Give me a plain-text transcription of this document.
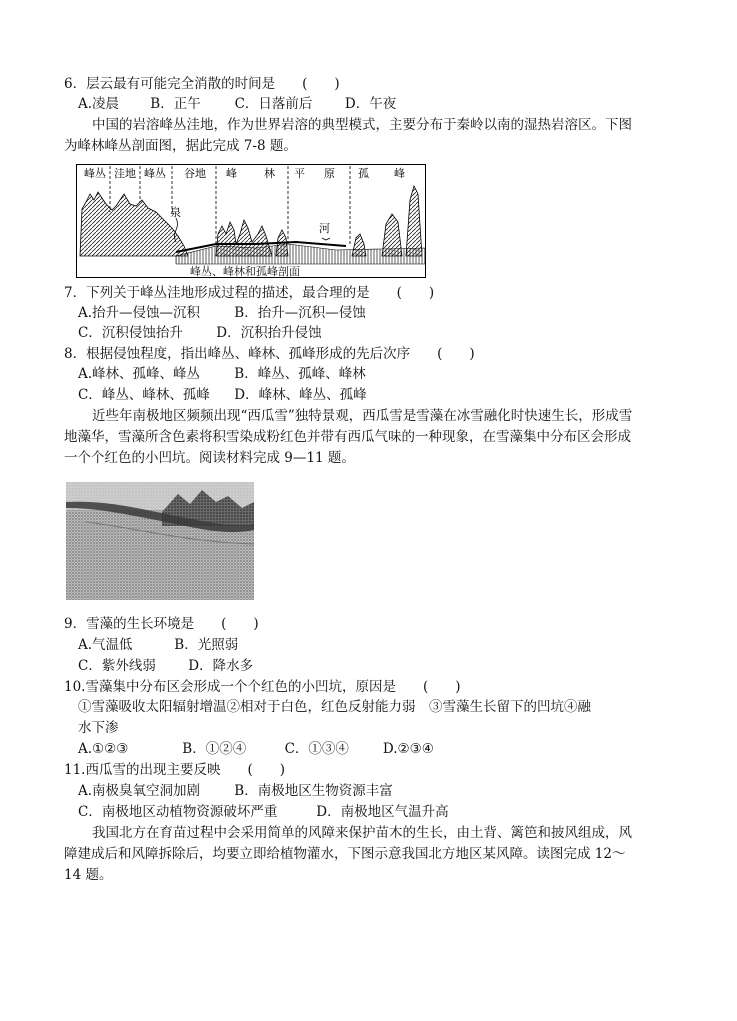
6．层云最有可能完全消散的时间是　　(　　)
A.凌晨 B．正午	C．日落前后 D．午夜
中国的岩溶峰丛洼地，作为世界岩溶的典型模式，主要分布于秦岭以南的湿热岩溶区。下图
为峰林峰丛剖面图，据此完成 7-8 题。
峰丛 洼地 峰丛 谷地 峰 林 平 原 孤 峰
泉
河
峰丛、峰林和孤峰剖面
7．下列关于峰丛洼地形成过程的描述，最合理的是　　(　　)
A.抬升—侵蚀—沉积	B．抬升—沉积—侵蚀
C．沉积侵蚀抬升 D．沉积抬升侵蚀
8．根据侵蚀程度，指出峰丛、峰林、孤峰形成的先后次序　　(　　)
A.峰林、孤峰、峰丛	B．峰丛、孤峰、峰林
C．峰丛、峰林、孤峰 D．峰林、峰丛、孤峰
近些年南极地区频频出现“西瓜雪”独特景观，西瓜雪是雪藻在冰雪融化时快速生长，形成雪
地藻华，雪藻所含色素将积雪染成粉红色并带有西瓜气味的一种现象，在雪藻集中分布区会形成
一个个红色的小凹坑。阅读材料完成 9—11 题。
9．雪藻的生长环境是　　(　　)
A.气温低	B．光照弱
C．紫外线弱 D．降水多
10.雪藻集中分布区会形成一个个红色的小凹坑，原因是　　(　　)
①雪藻吸收太阳辐射增温②相对于白色，红色反射能力弱　③雪藻生长留下的凹坑④融
水下渗
A.①②③	B．①②④	C．①③④	D.②③④
11.西瓜雪的出现主要反映　　(　　)
A.南极臭氧空洞加剧	B．南极地区生物资源丰富
C．南极地区动植物资源破坏严重	D．南极地区气温升高
我国北方在育苗过程中会采用简单的风障来保护苗木的生长，由土背、篱笆和披风组成，风
障建成后和风障拆除后，均要立即给植物灌水，下图示意我国北方地区某风障。读图完成 12～
14 题。
